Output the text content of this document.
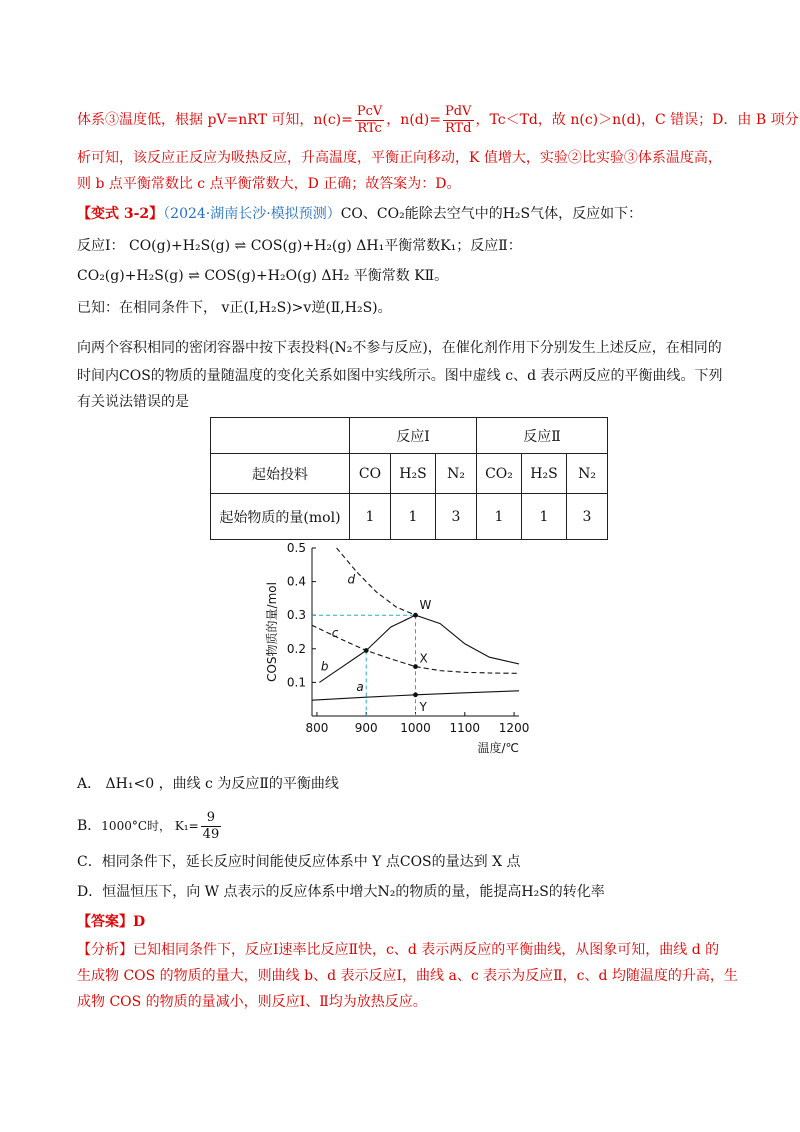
体系③温度低，根据 pV=nRT 可知，$n(c)= \frac{\text{PcV}}{\text{RTc}}$ ，$n(d)= \frac{\text{PdV}}{\text{RTd}}$ ，Tc＜Td，故 n(c)＞n(d)，C 错误；D．由 B 项分
析可知，该反应正反应为吸热反应，升高温度，平衡正向移动，K 值增大，实验②比实验③体系温度高，
则 b 点平衡常数比 c 点平衡常数大，D 正确；故答案为：D。
【变式 3-2】（2024·湖南长沙·模拟预测）CO、CO₂能除去空气中的H₂S气体，反应如下：
反应Ⅰ： CO(g)+H₂S(g) ⇌ COS(g)+H₂(g) ΔH₁平衡常数K₁；反应Ⅱ：
CO₂(g)+H₂S(g) ⇌ COS(g)+H₂O(g) ΔH₂ 平衡常数 KⅡ。
已知：在相同条件下， v正(Ⅰ,H₂S)>v逆(Ⅱ,H₂S)。
向两个容积相同的密闭容器中按下表投料(N₂不参与反应)，在催化剂作用下分别发生上述反应，在相同的
时间内COS的物质的量随温度的变化关系如图中实线所示。图中虚线 c、d 表示两反应的平衡曲线。下列
有关说法错误的是
	反应Ⅰ			反应Ⅱ		
起始投料	CO	H₂S	N₂	CO₂	H₂S	N₂
起始物质的量(mol)	1	1	3	1	1	3
800 900 1000 1100 1200
0.1
0.2
0.3
0.4
0.5
温度/℃
COS物质的量/mol
a
b
c
d
W
X
Y
A． ΔH₁<0 ，曲线 c 为反应Ⅱ的平衡曲线
B．1000°C时， $K_1= \frac{9}{49}$
C．相同条件下，延长反应时间能使反应体系中 Y 点COS的量达到 X 点
D．恒温恒压下，向 W 点表示的反应体系中增大N₂的物质的量，能提高H₂S的转化率
【答案】D
【分析】已知相同条件下，反应Ⅰ速率比反应Ⅱ快，c、d 表示两反应的平衡曲线，从图象可知，曲线 d 的
生成物 COS 的物质的量大，则曲线 b、d 表示反应Ⅰ，曲线 a、c 表示为反应Ⅱ，c、d 均随温度的升高，生
成物 COS 的物质的量减小，则反应Ⅰ、Ⅱ均为放热反应。
